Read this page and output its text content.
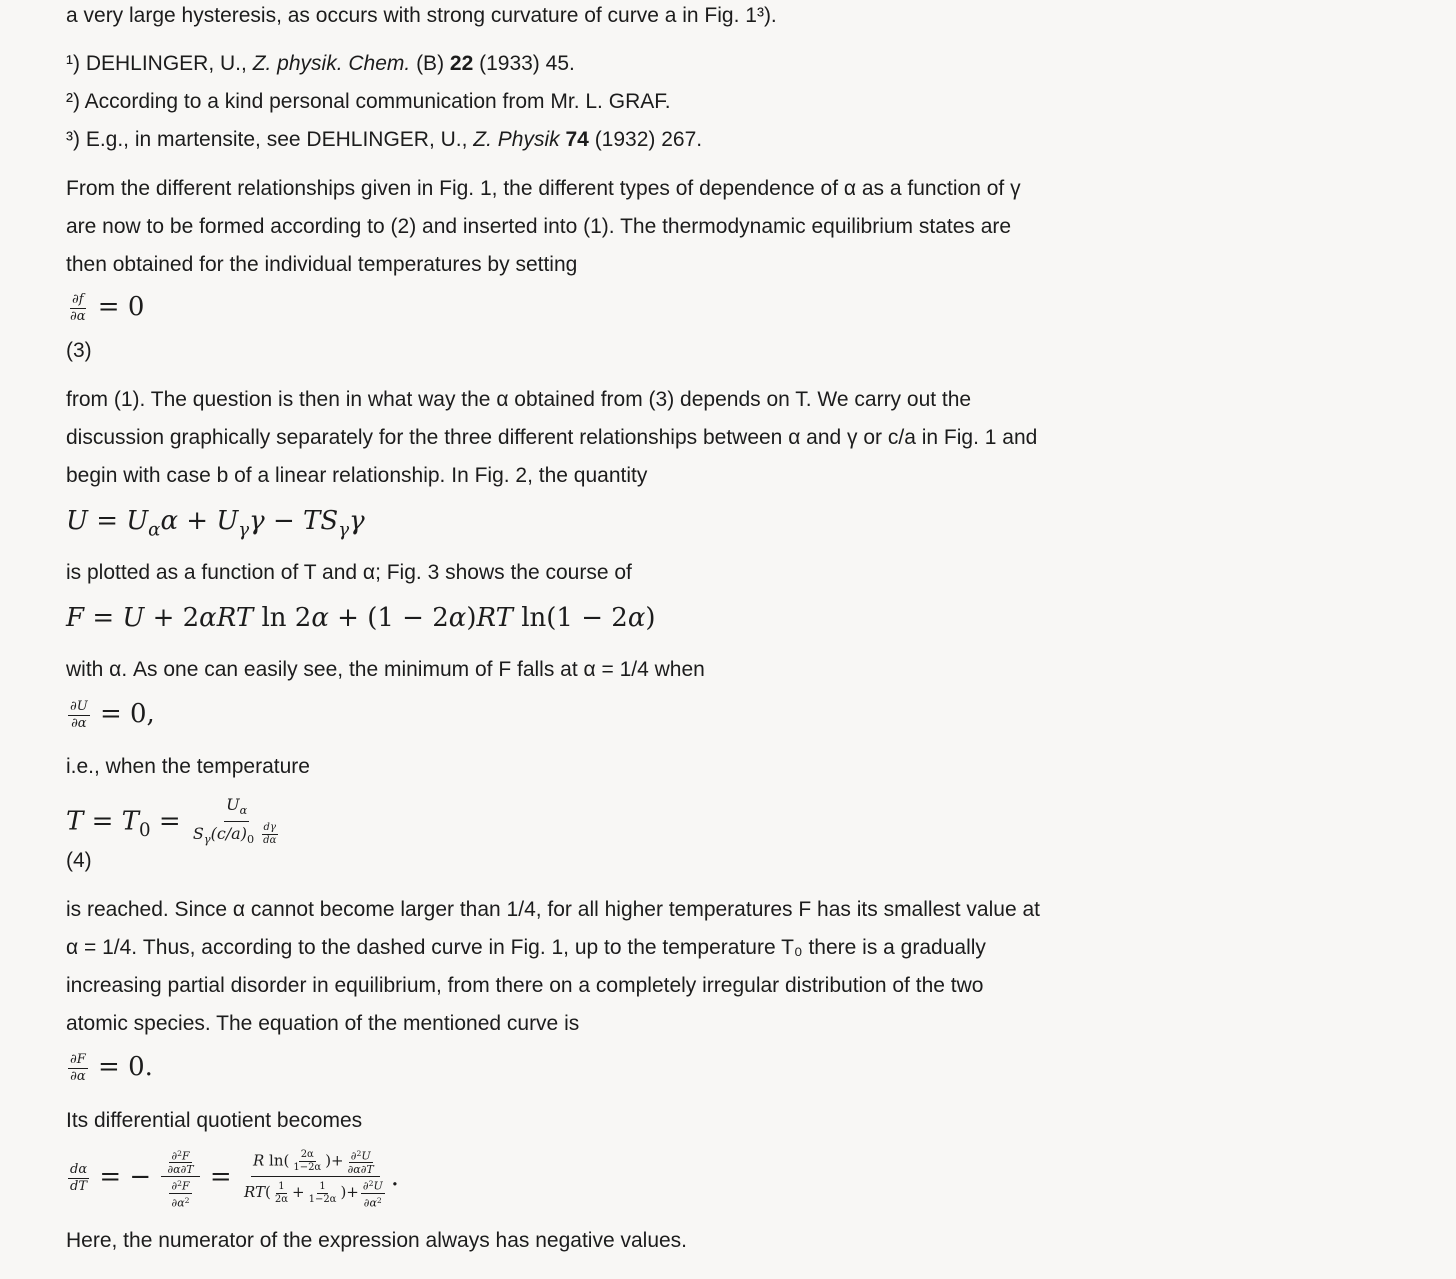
a very large hysteresis, as occurs with strong curvature of curve a in Fig. 1³).
¹) DEHLINGER, U., Z. physik. Chem. (B) 22 (1933) 45.
²) According to a kind personal communication from Mr. L. GRAF.
³) E.g., in martensite, see DEHLINGER, U., Z. Physik 74 (1932) 267.
From the different relationships given in Fig. 1, the different types of dependence of α as a function of γ
are now to be formed according to (2) and inserted into (1). The thermodynamic equilibrium states are
then obtained for the individual temperatures by setting
$\frac{\partial f}{\partial\alpha} = 0$
(3)
from (1). The question is then in what way the α obtained from (3) depends on T. We carry out the
discussion graphically separately for the three different relationships between α and γ or c/a in Fig. 1 and
begin with case b of a linear relationship. In Fig. 2, the quantity
$U = U_\alpha\alpha + U_\gamma\gamma - TS_\gamma\gamma$
is plotted as a function of T and α; Fig. 3 shows the course of
F = U + 2αRT ln 2α + (1 − 2α)RT ln(1 − 2α)
with α. As one can easily see, the minimum of F falls at α = 1/4 when
$\frac{\partial U}{\partial\alpha} = 0$,
i.e., when the temperature
$T = T_0 = \frac{U_\alpha}{S_\gamma(c/a)_0 \frac{d\gamma}{d\alpha}}$
(4)
is reached. Since α cannot become larger than 1/4, for all higher temperatures F has its smallest value at
α = 1/4. Thus, according to the dashed curve in Fig. 1, up to the temperature T₀ there is a gradually
increasing partial disorder in equilibrium, from there on a completely irregular distribution of the two
atomic species. The equation of the mentioned curve is
$\frac{\partial F}{\partial\alpha} = 0$.
Its differential quotient becomes
$\frac{d\alpha}{dT}$ = − $\frac{\frac{\partial^2F}{\partial\alpha\partial T}}{\frac{\partial^2F}{\partial\alpha^2}} = \frac{R \ln( \frac{2\alpha}{1-2\alpha} )+ \frac{\partial^2U}{\partial\alpha\partial T}}{RT( \frac{1}{2\alpha} + \frac{1}{1-2\alpha} )+ \frac{\partial^2U}{\partial\alpha^2}}$ .
Here, the numerator of the expression always has negative values.
